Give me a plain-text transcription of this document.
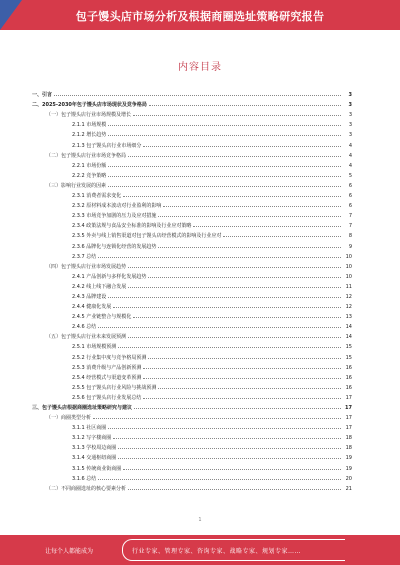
包子馒头店市场分析及根据商圈选址策略研究报告
内容目录
一、引言	3
二、2025-2030年包子馒头店市场现状及竞争格局	3
（一）包子馒头店行业市场规模及增长	3
2.1.1 市场规模	3
2.1.2 增长趋势	3
2.1.3 包子馒头店行业市场细分	4
（二）包子馒头店行业市场竞争格局	4
2.2.1 市场份额	4
2.2.2 竞争策略	5
（三）影响行业发展的因素	6
2.3.1 消费者需求变化	6
2.3.2 原材料成本波动对行业盈利的影响	6
2.3.3 市场竞争加剧的压力及应对措施	7
2.3.4 政策法规与食品安全标准的影响及行业应对策略	7
2.3.5 外卖与线上销售渠道对包子馒头店经营模式的影响及行业应对	8
2.3.6 品牌化与连锁化经营的发展趋势	9
2.3.7 总结	10
（四）包子馒头店行业市场发展趋势	10
2.4.1 产品创新与多样化发展趋势	10
2.4.2 线上线下融合发展	11
2.4.3 品牌建设	12
2.4.4 健康化发展	12
2.4.5 产业链整合与规模化	13
2.4.6 总结	14
（五）包子馒头店行业未来发展预测	14
2.5.1 市场规模预测	15
2.5.2 行业集中度与竞争格局预测	15
2.5.3 消费升级与产品创新预测	16
2.5.4 经营模式与渠道变革预测	16
2.5.5 包子馒头店行业风险与挑战预测	16
2.5.6 包子馒头店行业发展总结	17
三、包子馒头店根据商圈选址策略研究与建议	17
（一）商圈类型分析	17
3.1.1 社区商圈	17
3.1.2 写字楼商圈	18
3.1.3 学校周边商圈	18
3.1.4 交通枢纽商圈	19
3.1.5 传统商业街商圈	19
3.1.6 总结	20
（二）不同商圈选址的核心要素分析	21
1
让每个人都能成为	行业专家、管理专家、咨询专家、战略专家、规划专家……
